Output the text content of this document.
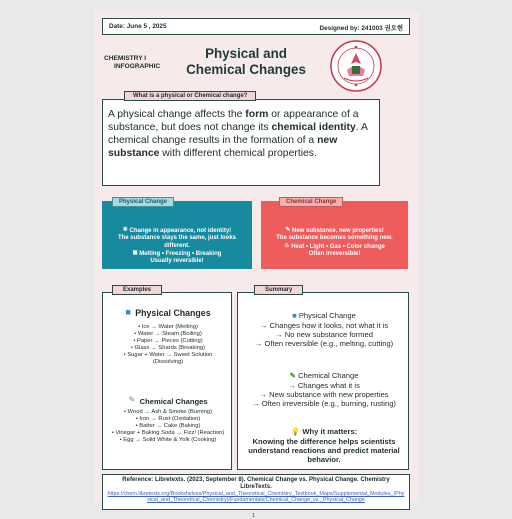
Date: June 5 , 2025	Designed by: 241003 권오현
CHEMISTRY I
INFOGRAPHIC
Physical and
Chemical Changes
What is a physical or Chemical change?
A physical change affects the form or appearance of a substance, but does not change its chemical identity. A chemical change results in the formation of a new substance with different chemical properties.
❄ Change in appearance, not identity!
The substance stays the same, just looks different.
◼ Melting • Freezing • Breaking
Usually reversible!
Physical Change
✎ New substance, new properties!
The substance becomes something new.
♨ Heat • Light • Gas • Color change
Often irreversible!
Chemical Change
■ Physical Changes
• Ice → Water (Melting)
• Water → Steam (Boiling)
• Paper → Pieces (Cutting)
• Glass → Shards (Breaking)
• Sugar + Water → Sweet Solution (Dissolving)
✎ Chemical Changes
• Wood → Ash & Smoke (Burning)
• Iron → Rust (Oxidation)
• Batter → Cake (Baking)
• Vinegar + Baking Soda → Fizz! (Reaction)
• Egg → Solid White & Yolk (Cooking)
Examples
■ Physical Change
→ Changes how it looks, not what it is
→ No new substance formed
→ Often reversible (e.g., melting, cutting)
✎ Chemical Change
→ Changes what it is
→ New substance with new properties
→ Often irreversible (e.g., burning, rusting)
💡 Why it matters:
Knowing the difference helps scientists understand reactions and predict material behavior.
Summary
Reference: Libretexts. (2023, September 8). Chemical Change vs. Physical Change. Chemistry LibreTexts.
https://chem.libretexts.org/Bookshelves/Physical_and_Theoretical_Chemistry_Textbook_Maps/Supplemental_Modules_(Physical_and_Theoretical_Chemistry)/Fundamentals/Chemical_Change_vs._Physical_Change
1
